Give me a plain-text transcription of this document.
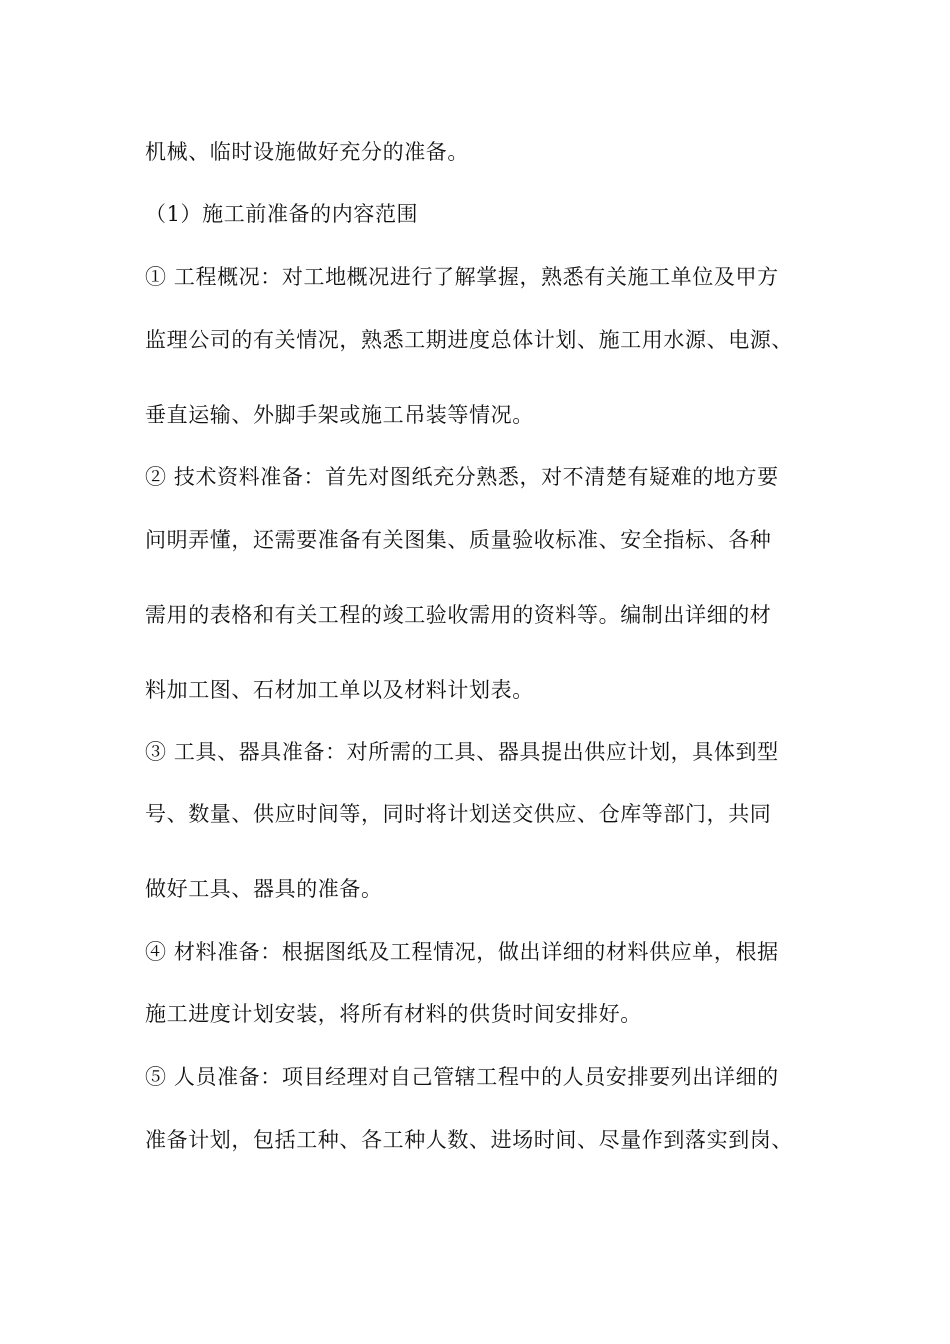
机械、临时设施做好充分的准备。
（1）施工前准备的内容范围
① 工程概况：对工地概况进行了解掌握，熟悉有关施工单位及甲方
监理公司的有关情况，熟悉工期进度总体计划、施工用水源、电源、
垂直运输、外脚手架或施工吊装等情况。
② 技术资料准备：首先对图纸充分熟悉，对不清楚有疑难的地方要
问明弄懂，还需要准备有关图集、质量验收标准、安全指标、各种
需用的表格和有关工程的竣工验收需用的资料等。编制出详细的材
料加工图、石材加工单以及材料计划表。
③ 工具、器具准备：对所需的工具、器具提出供应计划，具体到型
号、数量、供应时间等，同时将计划送交供应、仓库等部门，共同
做好工具、器具的准备。
④ 材料准备：根据图纸及工程情况，做出详细的材料供应单，根据
施工进度计划安装，将所有材料的供货时间安排好。
⑤ 人员准备：项目经理对自己管辖工程中的人员安排要列出详细的
准备计划，包括工种、各工种人数、进场时间、尽量作到落实到岗、
